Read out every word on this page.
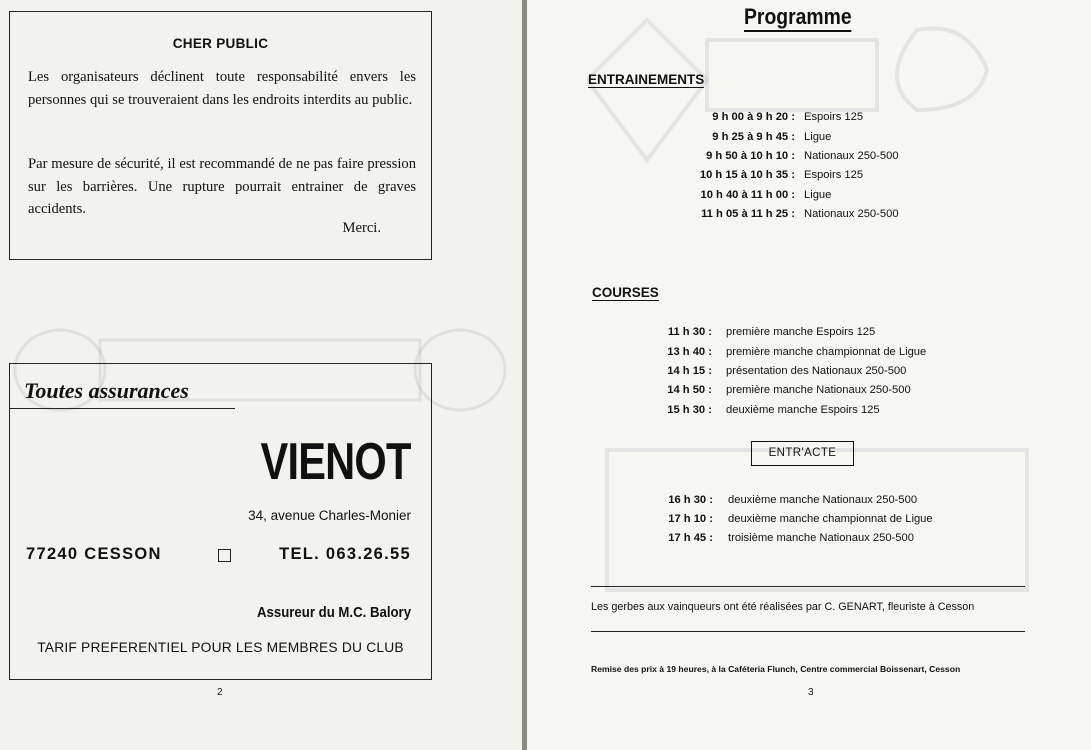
CHER PUBLIC

Les organisateurs déclinent toute responsabilité envers les personnes qui se trouveraient dans les endroits interdits au public.

Par mesure de sécurité, il est recommandé de ne pas faire pression sur les barrières. Une rupture pourrait entrainer de graves accidents.

Merci.
Toutes assurances
VIENOT
34, avenue Charles-Monier
77240 CESSON	TEL. 063.26.55
Assureur du M.C. Balory
TARIF PREFERENTIEL POUR LES MEMBRES DU CLUB
2
Programme
ENTRAINEMENTS
9 h 00 à 9 h 20 : Espoirs 125
9 h 25 à 9 h 45 : Ligue
9 h 50 à 10 h 10 : Nationaux 250-500
10 h 15 à 10 h 35 : Espoirs 125
10 h 40 à 11 h 00 : Ligue
11 h 05 à 11 h 25 : Nationaux 250-500
COURSES
11 h 30 : première manche Espoirs 125
13 h 40 : première manche championnat de Ligue
14 h 15 : présentation des Nationaux 250-500
14 h 50 : première manche Nationaux 250-500
15 h 30 : deuxième manche Espoirs 125
ENTR'ACTE
16 h 30 : deuxième manche Nationaux 250-500
17 h 10 : deuxième manche championnat de Ligue
17 h 45 : troisième manche Nationaux 250-500
Les gerbes aux vainqueurs ont été réalisées par C. GENART, fleuriste à Cesson
Remise des prix à 19 heures, à la Caféteria Flunch, Centre commercial Boissenart, Cesson
3
